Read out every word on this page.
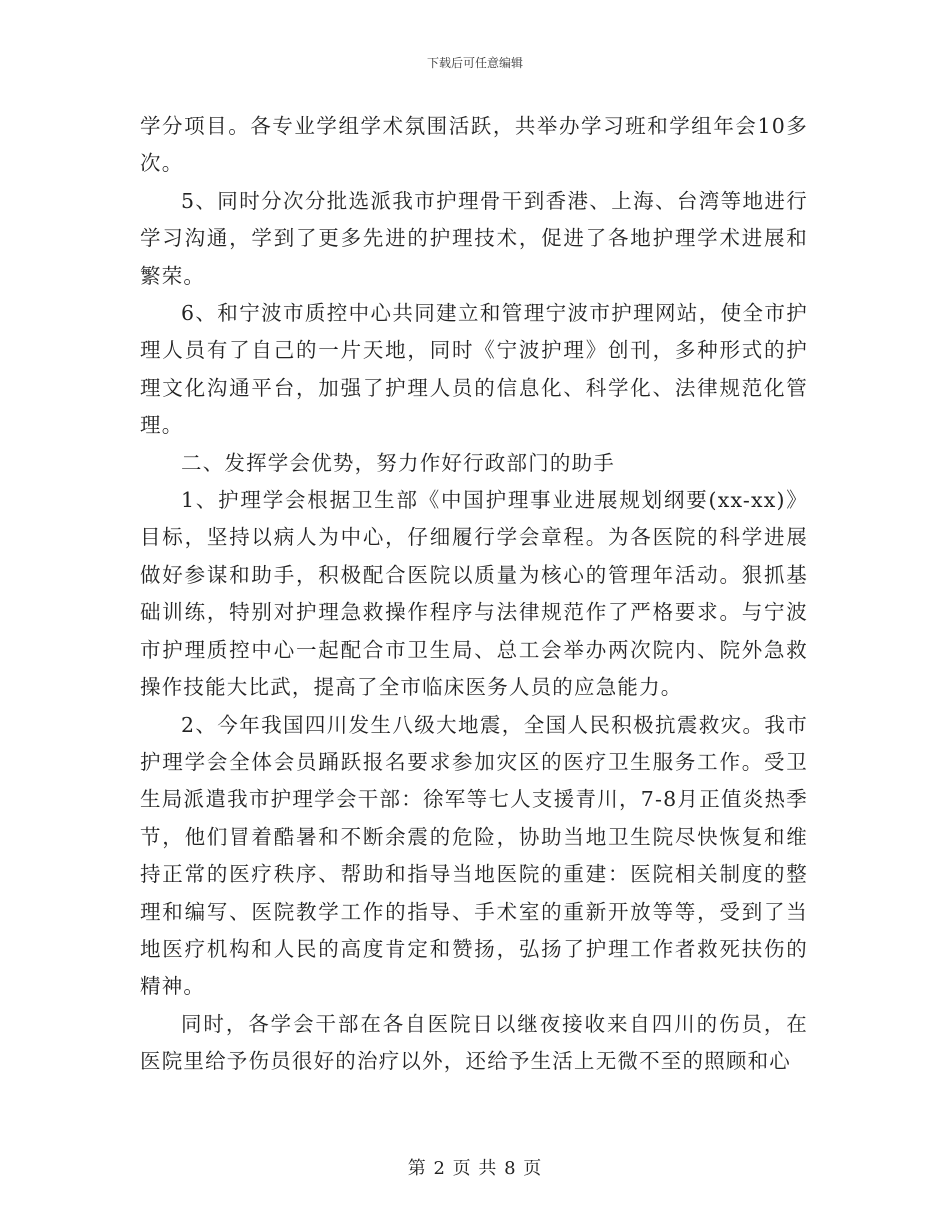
下载后可任意编辑

学分项目。各专业学组学术氛围活跃，共举办学习班和学组年会10多次。

5、同时分次分批选派我市护理骨干到香港、上海、台湾等地进行学习沟通，学到了更多先进的护理技术，促进了各地护理学术进展和繁荣。

6、和宁波市质控中心共同建立和管理宁波市护理网站，使全市护理人员有了自己的一片天地，同时《宁波护理》创刊，多种形式的护理文化沟通平台，加强了护理人员的信息化、科学化、法律规范化管理。

二、发挥学会优势，努力作好行政部门的助手

1、护理学会根据卫生部《中国护理事业进展规划纲要(xx-xx)》目标，坚持以病人为中心，仔细履行学会章程。为各医院的科学进展做好参谋和助手，积极配合医院以质量为核心的管理年活动。狠抓基础训练，特别对护理急救操作程序与法律规范作了严格要求。与宁波市护理质控中心一起配合市卫生局、总工会举办两次院内、院外急救操作技能大比武，提高了全市临床医务人员的应急能力。

2、今年我国四川发生八级大地震，全国人民积极抗震救灾。我市护理学会全体会员踊跃报名要求参加灾区的医疗卫生服务工作。受卫生局派遣我市护理学会干部：徐军等七人支援青川，7-8月正值炎热季节，他们冒着酷暑和不断余震的危险，协助当地卫生院尽快恢复和维持正常的医疗秩序、帮助和指导当地医院的重建：医院相关制度的整理和编写、医院教学工作的指导、手术室的重新开放等等，受到了当地医疗机构和人民的高度肯定和赞扬，弘扬了护理工作者救死扶伤的精神。

同时，各学会干部在各自医院日以继夜接收来自四川的伤员，在医院里给予伤员很好的治疗以外，还给予生活上无微不至的照顾和心

第 2 页 共 8 页
